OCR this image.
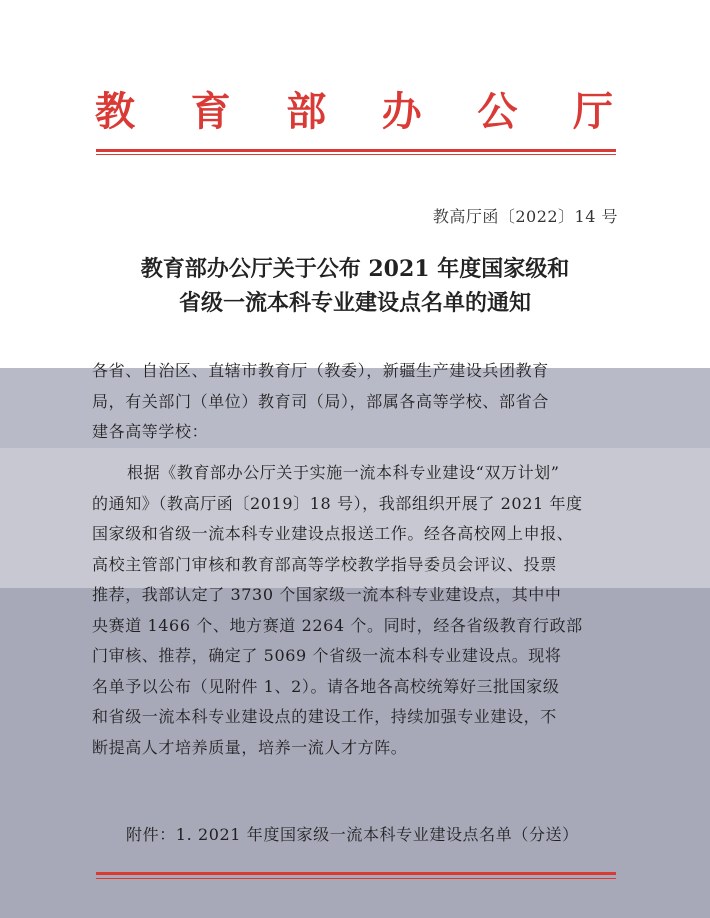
教 育 部 办 公 厅
教高厅函〔2022〕14 号
教育部办公厅关于公布 2021 年度国家级和
省级一流本科专业建设点名单的通知

各省、自治区、直辖市教育厅（教委），新疆生产建设兵团教育

局，有关部门（单位）教育司（局），部属各高等学校、部省合

建各高等学校：

根据《教育部办公厅关于实施一流本科专业建设“双万计划”

的通知》（教高厅函〔2019〕18 号），我部组织开展了 2021 年度

国家级和省级一流本科专业建设点报送工作。经各高校网上申报、

高校主管部门审核和教育部高等学校教学指导委员会评议、投票

推荐，我部认定了 3730 个国家级一流本科专业建设点，其中中

央赛道 1466 个、地方赛道 2264 个。同时，经各省级教育行政部

门审核、推荐，确定了 5069 个省级一流本科专业建设点。现将

名单予以公布（见附件 1、2）。请各地各高校统筹好三批国家级

和省级一流本科专业建设点的建设工作，持续加强专业建设，不

断提高人才培养质量，培养一流人才方阵。

附件：1. 2021 年度国家级一流本科专业建设点名单（分送）
